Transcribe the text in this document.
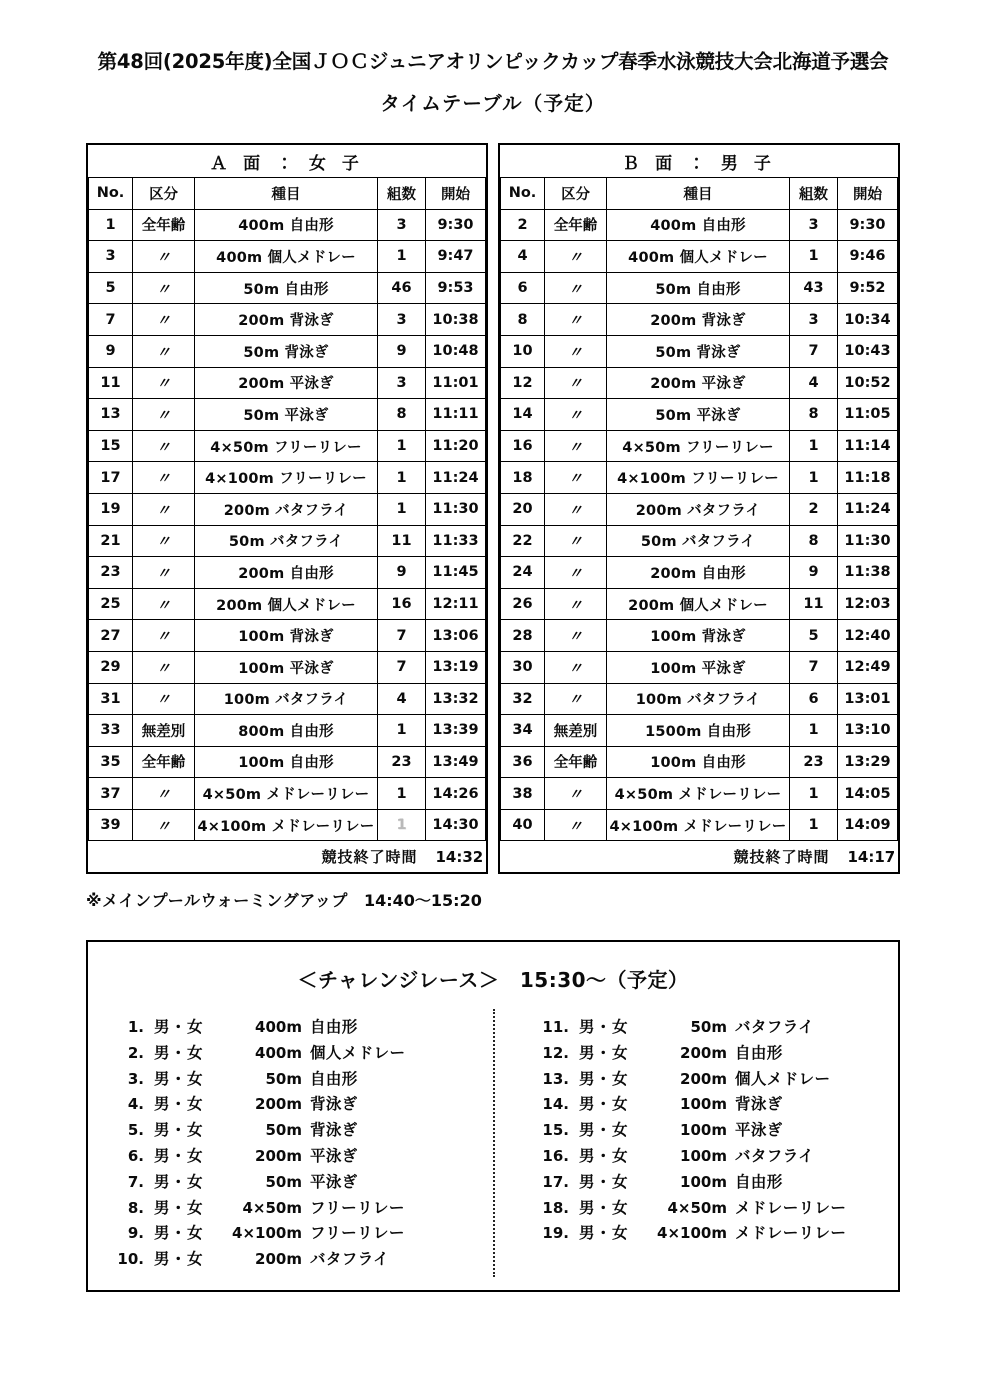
第48回(2025年度)全国ＪＯＣジュニアオリンピックカップ春季水泳競技大会北海道予選会
タイムテーブル（予定）
Ａ 面 ： 女 子				
No.	区分	種目	組数	開始
1	全年齢	400m 自由形	3	9:30
3	〃	400m 個人メドレー	1	9:47
5	〃	50m 自由形	46	9:53
7	〃	200m 背泳ぎ	3	10:38
9	〃	50m 背泳ぎ	9	10:48
11	〃	200m 平泳ぎ	3	11:01
13	〃	50m 平泳ぎ	8	11:11
15	〃	4×50m フリーリレー	1	11:20
17	〃	4×100m フリーリレー	1	11:24
19	〃	200m バタフライ	1	11:30
21	〃	50m バタフライ	11	11:33
23	〃	200m 自由形	9	11:45
25	〃	200m 個人メドレー	16	12:11
27	〃	100m 背泳ぎ	7	13:06
29	〃	100m 平泳ぎ	7	13:19
31	〃	100m バタフライ	4	13:32
33	無差別	800m 自由形	1	13:39
35	全年齢	100m 自由形	23	13:49
37	〃	4×50m メドレーリレー	1	14:26
39	〃	4×100m メドレーリレー	1	14:30
競技終了時間				14:32
Ｂ 面 ： 男 子				
No.	区分	種目	組数	開始
2	全年齢	400m 自由形	3	9:30
4	〃	400m 個人メドレー	1	9:46
6	〃	50m 自由形	43	9:52
8	〃	200m 背泳ぎ	3	10:34
10	〃	50m 背泳ぎ	7	10:43
12	〃	200m 平泳ぎ	4	10:52
14	〃	50m 平泳ぎ	8	11:05
16	〃	4×50m フリーリレー	1	11:14
18	〃	4×100m フリーリレー	1	11:18
20	〃	200m バタフライ	2	11:24
22	〃	50m バタフライ	8	11:30
24	〃	200m 自由形	9	11:38
26	〃	200m 個人メドレー	11	12:03
28	〃	100m 背泳ぎ	5	12:40
30	〃	100m 平泳ぎ	7	12:49
32	〃	100m バタフライ	6	13:01
34	無差別	1500m 自由形	1	13:10
36	全年齢	100m 自由形	23	13:29
38	〃	4×50m メドレーリレー	1	14:05
40	〃	4×100m メドレーリレー	1	14:09
競技終了時間				14:17
※メインプールウォーミングアップ 14:40〜15:20
＜チャレンジレース＞　15:30〜（予定）
1. 男・女	400m 自由形
2. 男・女	400m 個人メドレー
3. 男・女	50m 自由形
4. 男・女	200m 背泳ぎ
5. 男・女	50m 背泳ぎ
6. 男・女	200m 平泳ぎ
7. 男・女	50m 平泳ぎ
8. 男・女	4×50m フリーリレー
9. 男・女	4×100m フリーリレー
10. 男・女	200m バタフライ
11. 男・女	50m バタフライ
12. 男・女	200m 自由形
13. 男・女	200m 個人メドレー
14. 男・女	100m 背泳ぎ
15. 男・女	100m 平泳ぎ
16. 男・女	100m バタフライ
17. 男・女	100m 自由形
18. 男・女	4×50m メドレーリレー
19. 男・女	4×100m メドレーリレー
